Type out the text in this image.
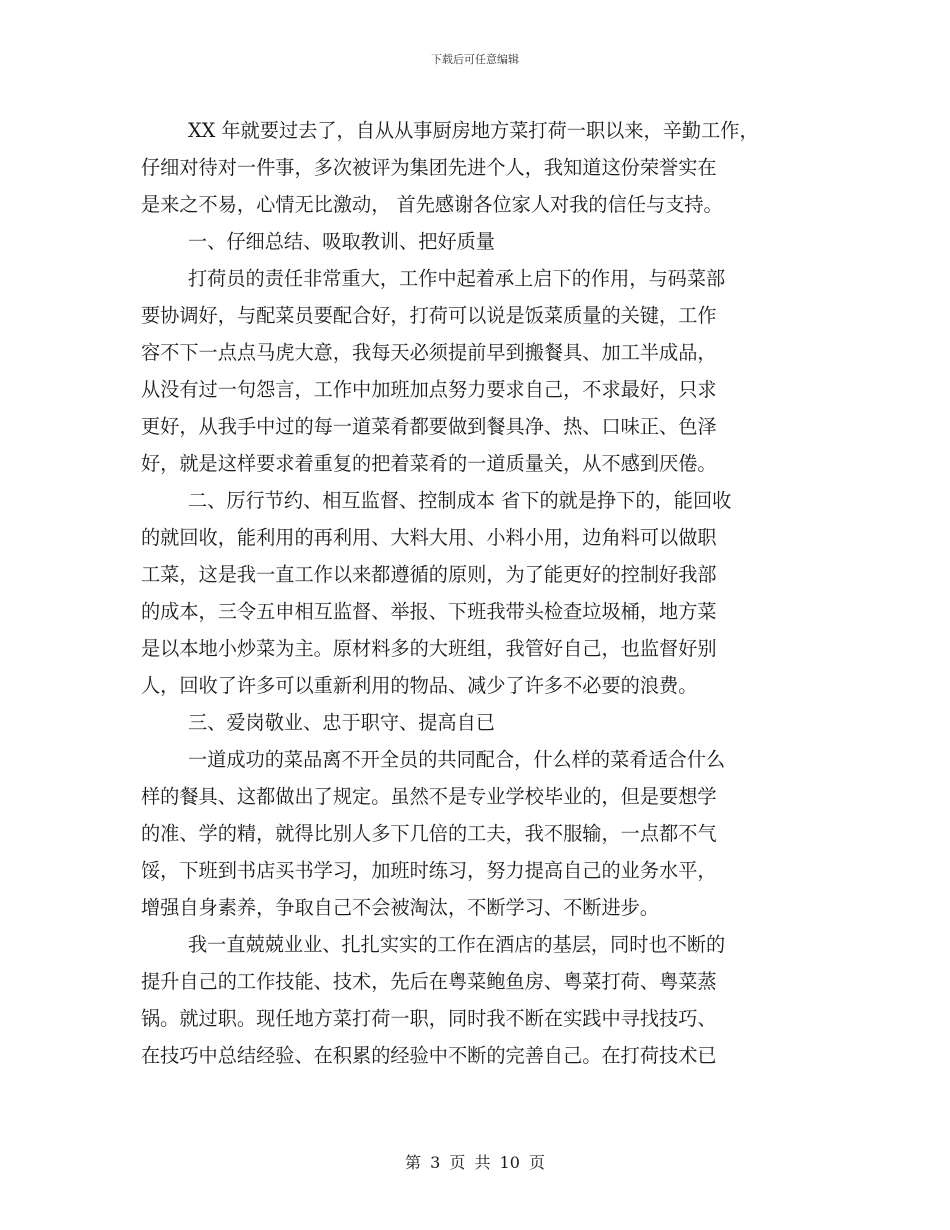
下载后可任意编辑
XX 年就要过去了，自从从事厨房地方菜打荷一职以来，辛勤工作，
仔细对待对一件事，多次被评为集团先进个人，我知道这份荣誉实在
是来之不易，心情无比激动， 首先感谢各位家人对我的信任与支持。
一、仔细总结、吸取教训、把好质量
打荷员的责任非常重大，工作中起着承上启下的作用，与码菜部
要协调好，与配菜员要配合好，打荷可以说是饭菜质量的关键，工作
容不下一点点马虎大意，我每天必须提前早到搬餐具、加工半成品，
从没有过一句怨言，工作中加班加点努力要求自己，不求最好，只求
更好，从我手中过的每一道菜肴都要做到餐具净、热、口味正、色泽
好，就是这样要求着重复的把着菜肴的一道质量关，从不感到厌倦。
二、厉行节约、相互监督、控制成本 省下的就是挣下的，能回收
的就回收，能利用的再利用、大料大用、小料小用，边角料可以做职
工菜，这是我一直工作以来都遵循的原则，为了能更好的控制好我部
的成本，三令五申相互监督、举报、下班我带头检查垃圾桶，地方菜
是以本地小炒菜为主。原材料多的大班组，我管好自己，也监督好别
人，回收了许多可以重新利用的物品、减少了许多不必要的浪费。
三、爱岗敬业、忠于职守、提高自已
一道成功的菜品离不开全员的共同配合，什么样的菜肴适合什么
样的餐具、这都做出了规定。虽然不是专业学校毕业的，但是要想学
的准、学的精，就得比别人多下几倍的工夫，我不服输，一点都不气
馁，下班到书店买书学习，加班时练习，努力提高自己的业务水平，
增强自身素养，争取自己不会被淘汰，不断学习、不断进步。
我一直兢兢业业、扎扎实实的工作在酒店的基层，同时也不断的
提升自己的工作技能、技术，先后在粤菜鲍鱼房、粤菜打荷、粤菜蒸
锅。就过职。现任地方菜打荷一职，同时我不断在实践中寻找技巧、
在技巧中总结经验、在积累的经验中不断的完善自己。在打荷技术已
第 3 页 共 10 页
